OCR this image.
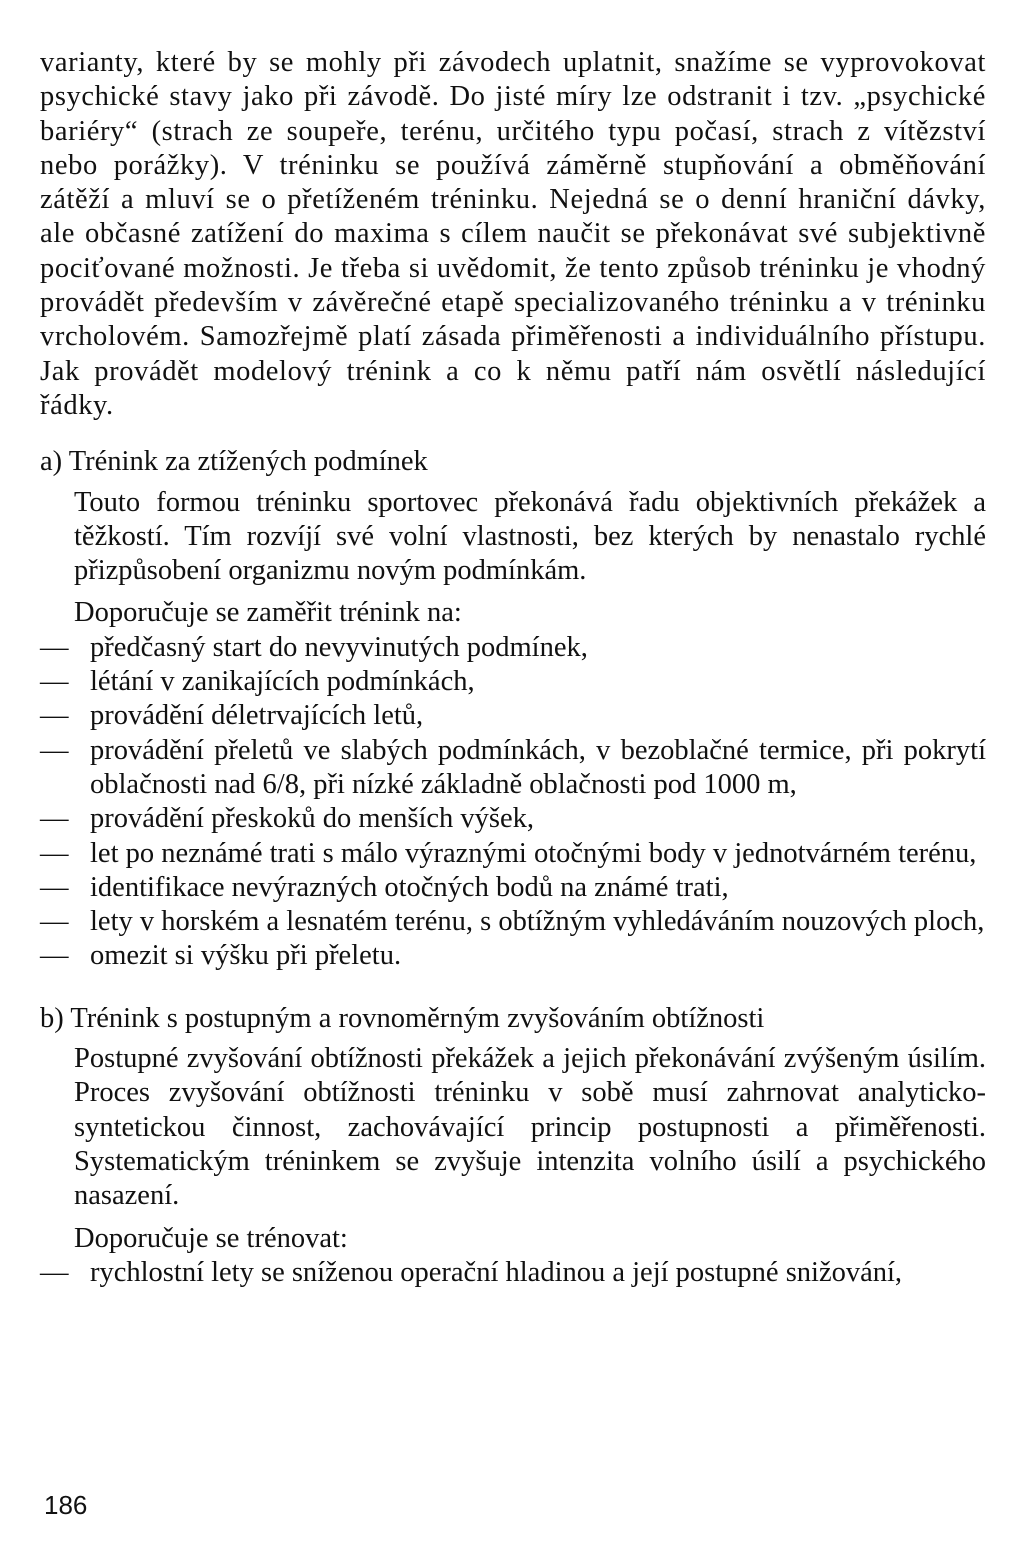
varianty, které by se mohly při závodech uplatnit, snažíme se vyprovokovat psychické stavy jako při závodě. Do jisté míry lze odstranit i tzv. „psychické bariéry“ (strach ze soupeře, terénu, určitého typu počasí, strach z vítězství nebo porážky). V tréninku se používá záměrně stupňování a obměňování zátěží a mluví se o přetíženém tréninku. Nejedná se o denní hraniční dávky, ale občasné zatížení do maxima s cílem naučit se překonávat své subjektivně pociťované možnosti. Je třeba si uvědomit, že tento způsob tréninku je vhodný provádět především v závěrečné etapě specializovaného tréninku a v tréninku vrcholovém. Samozřejmě platí zásada přiměřenosti a individuálního přístupu. Jak provádět modelový trénink a co k němu patří nám osvětlí následující řádky.

a) Trénink za ztížených podmínek

Touto formou tréninku sportovec překonává řadu objektivních překážek a těžkostí. Tím rozvíjí své volní vlastnosti, bez kterých by nenastalo rychlé přizpůsobení organizmu novým podmínkám.

Doporučuje se zaměřit trénink na:

— předčasný start do nevyvinutých podmínek,
— létání v zanikajících podmínkách,
— provádění déletrvajících letů,
— provádění přeletů ve slabých podmínkách, v bezoblačné termice, při pokrytí oblačnosti nad 6/8, při nízké základně oblačnosti pod 1000 m,
— provádění přeskoků do menších výšek,
— let po neznámé trati s málo výraznými otočnými body v jednotvárném terénu,
— identifikace nevýrazných otočných bodů na známé trati,
— lety v horském a lesnatém terénu, s obtížným vyhledáváním nouzových ploch,
— omezit si výšku při přeletu.
b) Trénink s postupným a rovnoměrným zvyšováním obtížnosti

Postupné zvyšování obtížnosti překážek a jejich překonávání zvýšeným úsilím. Proces zvyšování obtížnosti tréninku v sobě musí zahrnovat analyticko-syntetickou činnost, zachovávající princip postupnosti a přiměřenosti. Systematickým tréninkem se zvyšuje intenzita volního úsilí a psychického nasazení.

Doporučuje se trénovat:

— rychlostní lety se sníženou operační hladinou a její postupné snižování,
186
